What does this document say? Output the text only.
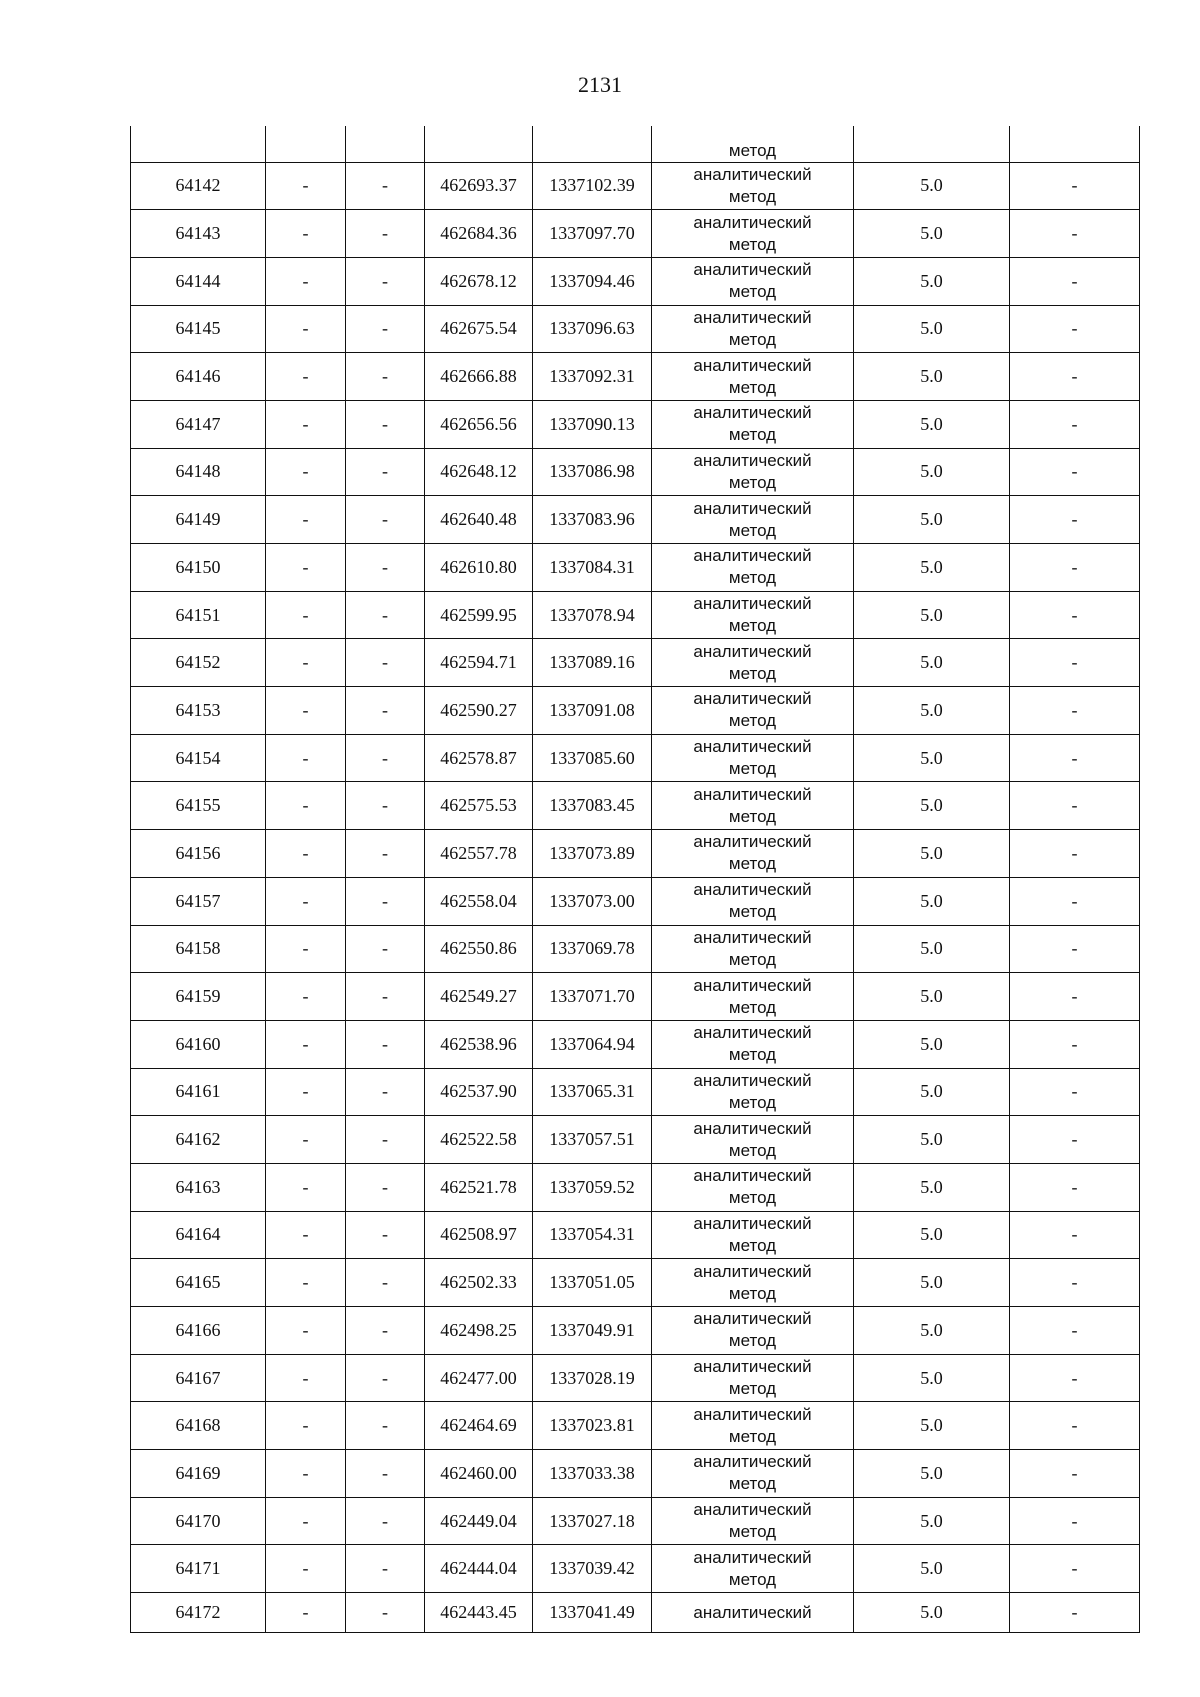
2131
					метод		
64142	-	-	462693.37	1337102.39	аналитический
метод	5.0	-
64143	-	-	462684.36	1337097.70	аналитический
метод	5.0	-
64144	-	-	462678.12	1337094.46	аналитический
метод	5.0	-
64145	-	-	462675.54	1337096.63	аналитический
метод	5.0	-
64146	-	-	462666.88	1337092.31	аналитический
метод	5.0	-
64147	-	-	462656.56	1337090.13	аналитический
метод	5.0	-
64148	-	-	462648.12	1337086.98	аналитический
метод	5.0	-
64149	-	-	462640.48	1337083.96	аналитический
метод	5.0	-
64150	-	-	462610.80	1337084.31	аналитический
метод	5.0	-
64151	-	-	462599.95	1337078.94	аналитический
метод	5.0	-
64152	-	-	462594.71	1337089.16	аналитический
метод	5.0	-
64153	-	-	462590.27	1337091.08	аналитический
метод	5.0	-
64154	-	-	462578.87	1337085.60	аналитический
метод	5.0	-
64155	-	-	462575.53	1337083.45	аналитический
метод	5.0	-
64156	-	-	462557.78	1337073.89	аналитический
метод	5.0	-
64157	-	-	462558.04	1337073.00	аналитический
метод	5.0	-
64158	-	-	462550.86	1337069.78	аналитический
метод	5.0	-
64159	-	-	462549.27	1337071.70	аналитический
метод	5.0	-
64160	-	-	462538.96	1337064.94	аналитический
метод	5.0	-
64161	-	-	462537.90	1337065.31	аналитический
метод	5.0	-
64162	-	-	462522.58	1337057.51	аналитический
метод	5.0	-
64163	-	-	462521.78	1337059.52	аналитический
метод	5.0	-
64164	-	-	462508.97	1337054.31	аналитический
метод	5.0	-
64165	-	-	462502.33	1337051.05	аналитический
метод	5.0	-
64166	-	-	462498.25	1337049.91	аналитический
метод	5.0	-
64167	-	-	462477.00	1337028.19	аналитический
метод	5.0	-
64168	-	-	462464.69	1337023.81	аналитический
метод	5.0	-
64169	-	-	462460.00	1337033.38	аналитический
метод	5.0	-
64170	-	-	462449.04	1337027.18	аналитический
метод	5.0	-
64171	-	-	462444.04	1337039.42	аналитический
метод	5.0	-
64172	-	-	462443.45	1337041.49	аналитический	5.0	-
